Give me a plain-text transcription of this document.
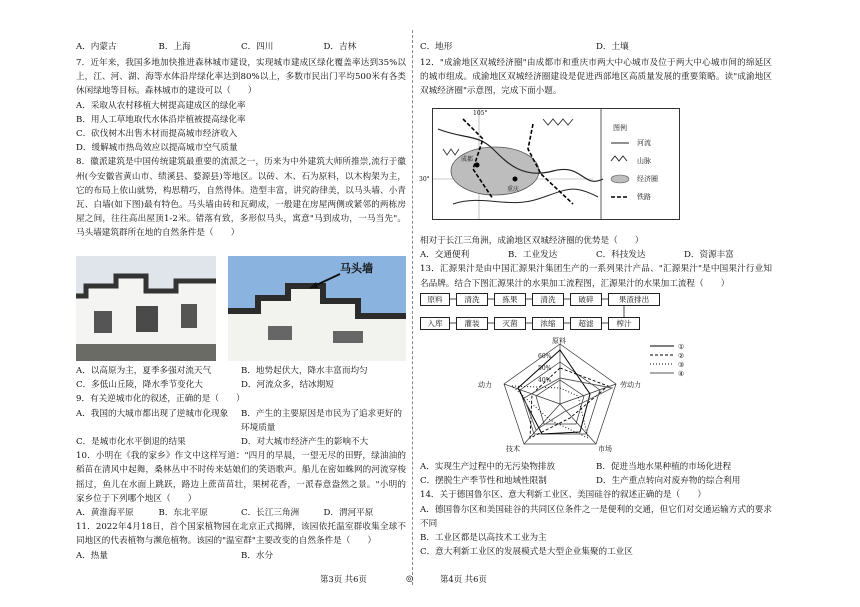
A．内蒙古	B．上海	C．四川	D．吉林

7．近年来，我国多地加快推进森林城市建设，实现城市建成区绿化覆盖率达到35%以上，江、河、湖、海等水体沿岸绿化率达到80%以上，多数市民出门平均500米有各类休闲绿地等目标。森林城市的建设可以（　　）

A．采取从农村移植大树提高建成区的绿化率

B．用人工草地取代水体沿岸植被提高绿化率

C．砍伐树木出售木材而提高城市经济收入

D．缓解城市热岛效应以提高城市空气质量

8．徽派建筑是中国传统建筑最重要的流派之一，历来为中外建筑大师所推崇,流行于徽州(今安徽省黄山市、绩溪县、婺源县)等地区。以砖、木、石为原料，以木构架为主，它的布局上依山就势，构思精巧，自然得体。造型丰富，讲究韵律美，以马头墙、小青瓦、白墙(如下图)最有特色。马头墙由砖和瓦砌成，一般建在房屋两侧或紧邻的两栋房屋之间，往往高出屋顶1-2米。错落有致，多形似马头，寓意"马到成功，一马当先"。马头墙建筑群所在地的自然条件是（　　）

马头墙
A．以高原为主，夏季多强对流天气	B．地势起伏大，降水丰富而均匀
C．多低山丘陵，降水季节变化大	D．河流众多，结冰期短

9．有关逆城市化的叙述，正确的是（　　）

A．我国的大城市都出现了逆城市化现象	B．产生的主要原因是市民为了追求更好的环境质量
C．是城市化水平倒退的结果	D．对大城市经济产生的影响不大

10．小明在《我的家乡》作文中这样写道："四月的早晨，一望无尽的田野，绿油油的稻苗在清风中起舞，桑林丛中不时传来姑娘们的笑语歌声。船儿在密如蛛网的河流穿梭摇过，鱼儿在水面上跳跃，路边上蔗苗苗壮，果树花香，一派春意盎然之景。"小明的家乡位于下列哪个地区（　　）

A．黄淮海平原	B．东北平原	C．长江三角洲	D．渭河平原

11．2022年4月18日，首个国家植物园在北京正式揭牌，该园依托温室群收集全球不同地区的代表植物与濒危植物。该园的"温室群"主要改变的自然条件是（　　）

A．热量	B．水分
C．地形	D．土壤

12．"成渝地区双城经济圈"由成都市和重庆市两大中心城市及位于两大中心城市间的绵延区的城市组成。成渝地区双城经济圈建设是促进西部地区高质量发展的重要策略。读"成渝地区双城经济圈"示意图，完成下面小题。

105°
30°
成都
重庆
图例
河流
山脉
经济圈
铁路

相对于长江三角洲，成渝地区双城经济圈的优势是（　　）

A．交通便利	B．工业发达	C．科技发达	D．资源丰富

13．汇源果汁是由中国汇源果汁集团生产的一系列果汁产品、"汇源果汁"是中国果汁行业知名品牌。结合下图汇源果汁的水果加工流程图，汇源果汁的水果加工流程（　　）

原料	清洗	拣果	清洗	破碎	果渣排出
入库	灌装	灭菌	浓缩	超滤	榨汁
原料
劳动力
市场
技术
动力
60%
50%
40%
①
②
③
④
A．实现生产过程中的无污染物排放	B．促进当地水果种植的市场化进程
C．摆脱生产季节性和地域性限制	D．生产重点转向对废弃物的综合利用

14．关于德国鲁尔区、意大利新工业区、美国硅谷的叙述正确的是（　　）

A．德国鲁尔区和美国硅谷的共同区位条件之一是便利的交通，但它们对交通运输方式的要求不同

B．工业区都是以高技术工业为主

C．意大利新工业区的发展模式是大型企业集聚的工业区

第3页 共6页	◎	第4页 共6页
